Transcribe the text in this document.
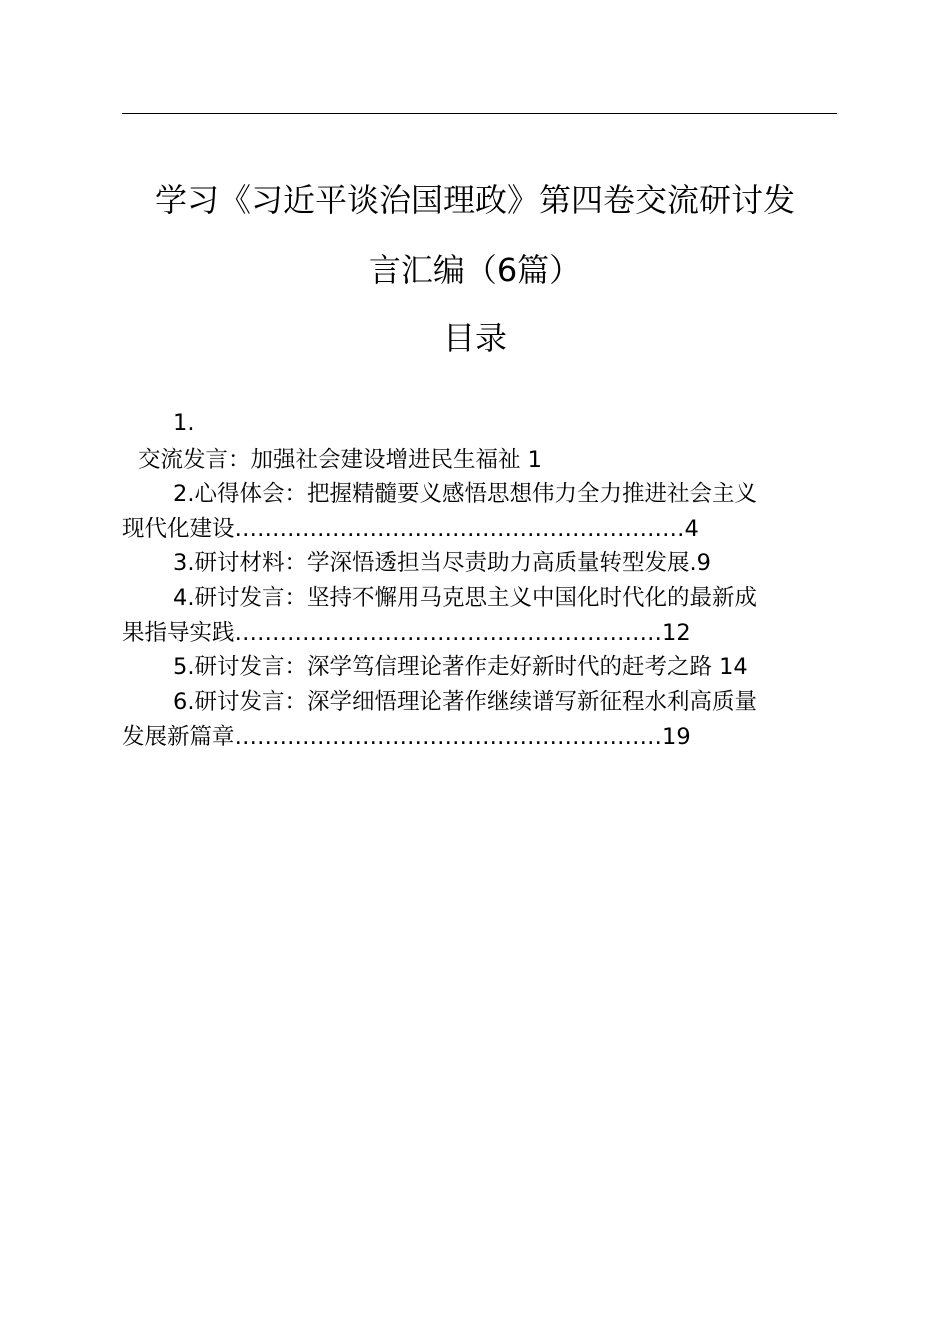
学习《习近平谈治国理政》第四卷交流研讨发
言汇编（6篇）
目录
1.
交流发言：加强社会建设增进民生福祉 1
2.心得体会：把握精髓要义感悟思想伟力全力推进社会主义
现代化建设……………………………………………………4
3.研讨材料：学深悟透担当尽责助力高质量转型发展.9
4.研讨发言：坚持不懈用马克思主义中国化时代化的最新成
果指导实践…………………………………………………12
5.研讨发言：深学笃信理论著作走好新时代的赶考之路 14
6.研讨发言：深学细悟理论著作继续谱写新征程水利高质量
发展新篇章…………………………………………………19
